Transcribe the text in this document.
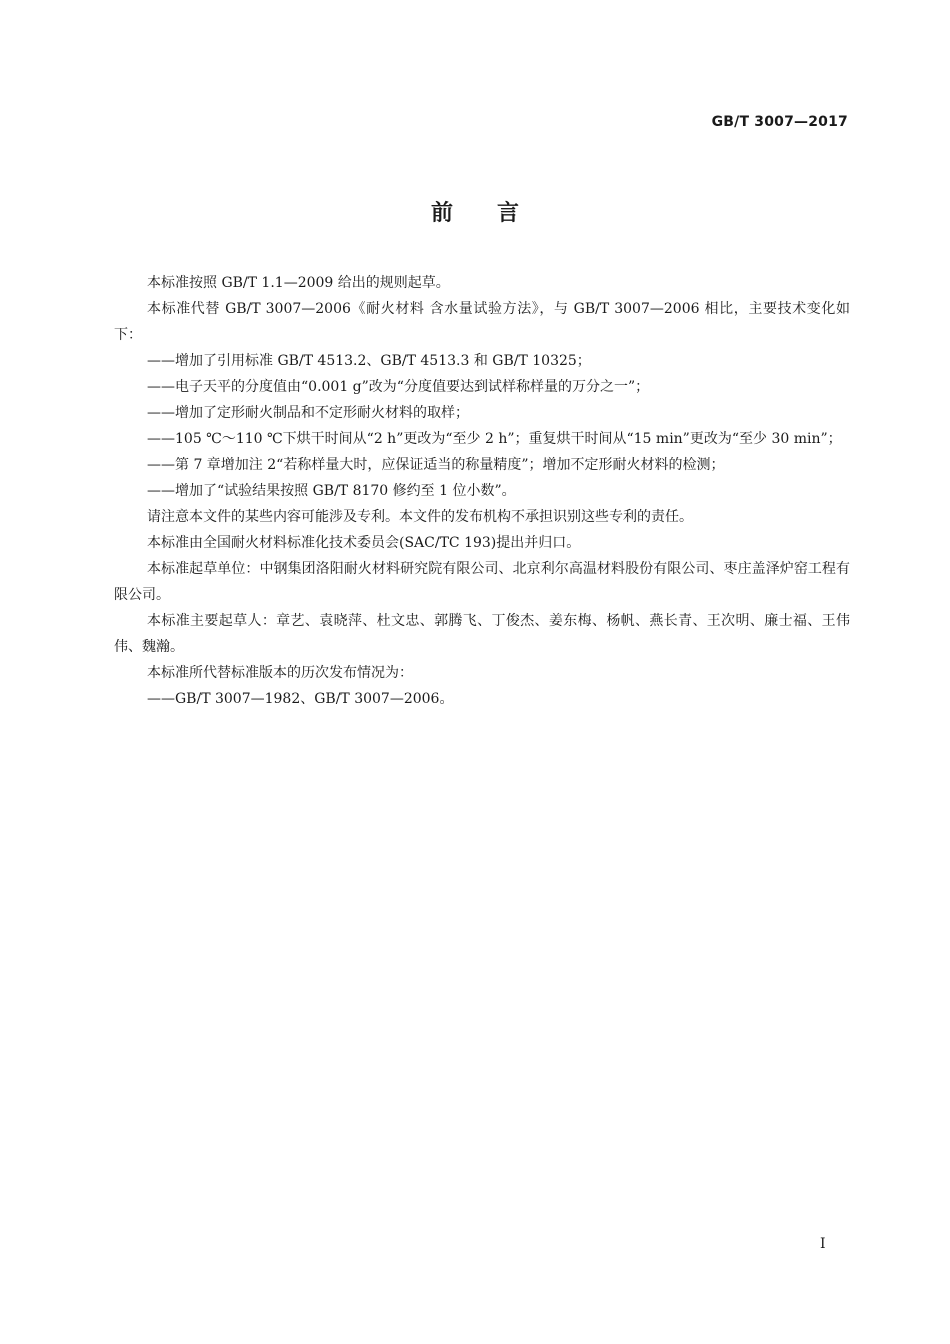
GB/T 3007—2017
前 言

本标准按照 GB/T 1.1—2009 给出的规则起草。

本标准代替 GB/T 3007—2006《耐火材料 含水量试验方法》，与 GB/T 3007—2006 相比，主要技术变化如下：

——增加了引用标准 GB/T 4513.2、GB/T 4513.3 和 GB/T 10325；
——电子天平的分度值由“0.001 g”改为“分度值要达到试样称样量的万分之一”；
——增加了定形耐火制品和不定形耐火材料的取样；
——105 ℃～110 ℃下烘干时间从“2 h”更改为“至少 2 h”；重复烘干时间从“15 min”更改为“至少 30 min”；
——第 7 章增加注 2“若称样量大时，应保证适当的称量精度”；增加不定形耐火材料的检测；
——增加了“试验结果按照 GB/T 8170 修约至 1 位小数”。

请注意本文件的某些内容可能涉及专利。本文件的发布机构不承担识别这些专利的责任。

本标准由全国耐火材料标准化技术委员会(SAC/TC 193)提出并归口。

本标准起草单位：中钢集团洛阳耐火材料研究院有限公司、北京利尔高温材料股份有限公司、枣庄盖泽炉窑工程有限公司。

本标准主要起草人：章艺、袁晓萍、杜文忠、郭腾飞、丁俊杰、姜东梅、杨帆、燕长青、王次明、廉士福、王伟伟、魏瀚。

本标准所代替标准版本的历次发布情况为：

——GB/T 3007—1982、GB/T 3007—2006。
I
